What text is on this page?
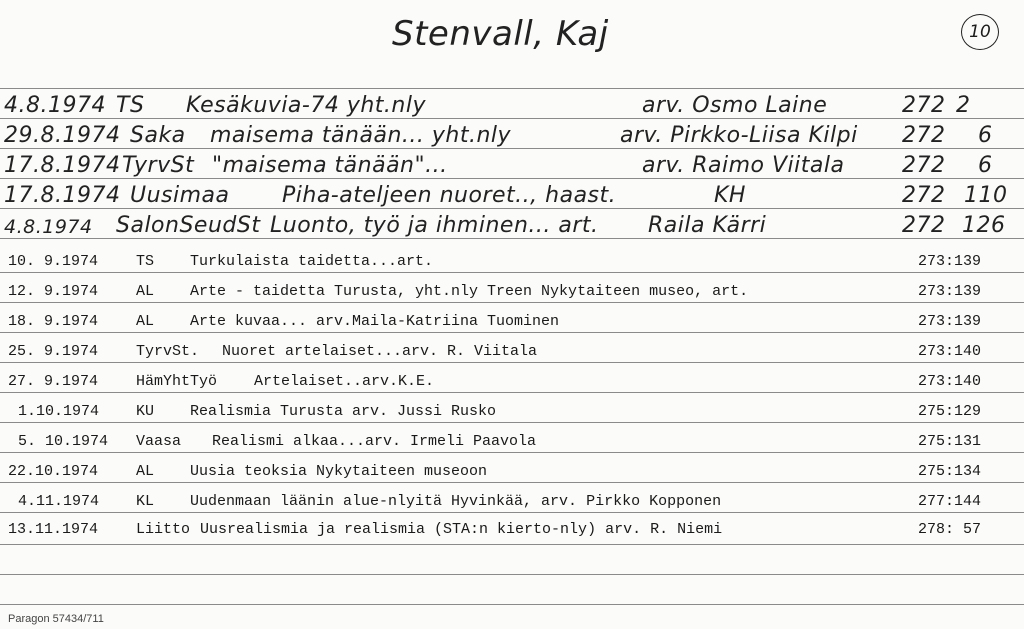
Stenvall, Kaj	10
4.8.1974 TS Kesäkuvia-74 yht.nly	arv. Osmo Laine	272 2
29.8.1974 Saka maisema tänään... yht.nly	arv. Pirkko-Liisa Kilpi 272 6
17.8.1974 TyrvSt "maisema tänään"...	arv. Raimo Viitala	272 6
17.8.1974 Uusimaa Piha-ateljeen nuoret.., haast.	KH	272 110
4.8.1974 SalonSeudSt Luonto, työ ja ihminen... art. Raila Kärri	272 126
10. 9.1974	TS Turkulaista taidetta...art.	273:139
12. 9.1974	AL Arte - taidetta Turusta, yht.nly Treen Nykytaiteen museo, art.	273:139
18. 9.1974	AL Arte kuvaa... arv.Maila-Katriina Tuominen	273:139
25. 9.1974	TyrvSt. Nuoret artelaiset...arv. R. Viitala	273:140
27. 9.1974	HämYhtTyö Artelaiset..arv.K.E.	273:140
1.10.1974 KU Realismia Turusta arv. Jussi Rusko	275:129
5. 10.1974 Vaasa Realismi alkaa...arv. Irmeli Paavola	275:131
22.10.1974	AL Uusia teoksia Nykytaiteen museoon	275:134
4.11.1974 KL Uudenmaan läänin alue-nlyitä Hyvinkää, arv. Pirkko Kopponen	277:144
13.11.1974	Liitto Uusrealismia ja realismia (STA:n kierto-nly) arv. R. Niemi	278: 57
Paragon 57434/711
